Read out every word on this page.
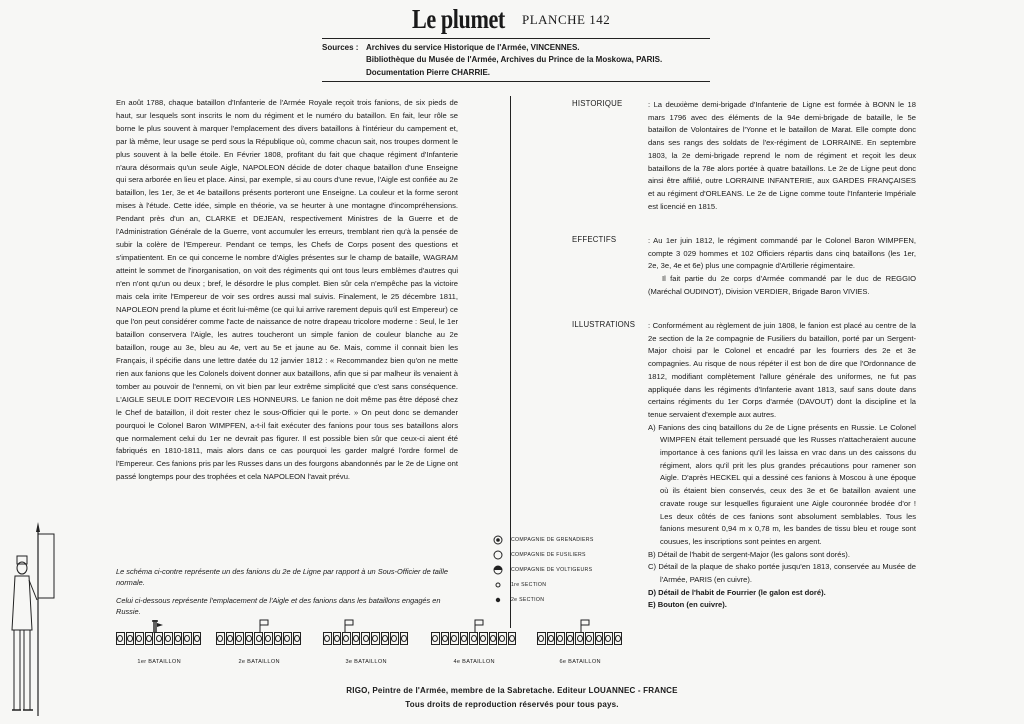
Le plumet PLANCHE 142
Sources : Archives du service Historique de l'Armée, VINCENNES.
Bibliothèque du Musée de l'Armée, Archives du Prince de la Moskowa, PARIS.
Documentation Pierre CHARRIE.

En août 1788, chaque bataillon d'Infanterie de l'Armée Royale reçoit trois fanions, de six pieds de haut, sur lesquels sont inscrits le nom du régiment et le numéro du bataillon. En fait, leur rôle se borne le plus souvent à marquer l'emplacement des divers bataillons à l'intérieur du campement et, par là même, leur usage se perd sous la République où, comme chacun sait, nos troupes dorment le plus souvent à la belle étoile. En Février 1808, profitant du fait que chaque régiment d'Infanterie n'aura désormais qu'un seule Aigle, NAPOLEON décide de doter chaque bataillon d'une Enseigne qui sera arborée en lieu et place. Ainsi, par exemple, si au cours d'une revue, l'Aigle est confiée au 2e bataillon, les 1er, 3e et 4e bataillons présents porteront une Enseigne. La couleur et la forme seront mises à l'étude. Cette idée, simple en théorie, va se heurter à une montagne d'incompréhensions. Pendant près d'un an, CLARKE et DEJEAN, respectivement Ministres de la Guerre et de l'Administration Générale de la Guerre, vont accumuler les erreurs, tremblant rien qu'à la pensée de subir la colère de l'Empereur. Pendant ce temps, les Chefs de Corps posent des questions et s'impatientent. En ce qui concerne le nombre d'Aigles présentes sur le champ de bataille, WAGRAM atteint le sommet de l'inorganisation, on voit des régiments qui ont tous leurs emblèmes d'autres qui n'en n'ont qu'un ou deux ; bref, le désordre le plus complet. Bien sûr cela n'empêche pas la victoire mais cela irrite l'Empereur de voir ses ordres aussi mal suivis. Finalement, le 25 décembre 1811, NAPOLEON prend la plume et écrit lui-même (ce qui lui arrive rarement depuis qu'il est Empereur) ce que l'on peut considérer comme l'acte de naissance de notre drapeau tricolore moderne : Seul, le 1er bataillon conservera l'Aigle, les autres toucheront un simple fanion de couleur blanche au 2e bataillon, rouge au 3e, bleu au 4e, vert au 5e et jaune au 6e. Mais, comme il connait bien les Français, il spécifie dans une lettre datée du 12 janvier 1812 : « Recommandez bien qu'on ne mette rien aux fanions que les Colonels doivent donner aux bataillons, afin que si par malheur ils venaient à tomber au pouvoir de l'ennemi, on vit bien par leur extrême simplicité que c'est sans conséquence. L'AIGLE SEULE DOIT RECEVOIR LES HONNEURS. Le fanion ne doit même pas être déposé chez le Chef de bataillon, il doit rester chez le sous-Officier qui le porte. » On peut donc se demander pourquoi le Colonel Baron WIMPFEN, a-t-il fait exécuter des fanions pour tous ses bataillons alors que normalement celui du 1er ne devrait pas figurer. Il est possible bien sûr que ceux-ci aient été fabriqués en 1810-1811, mais alors dans ce cas pourquoi les garder malgré l'ordre formel de l'Empereur. Ces fanions pris par les Russes dans un des fourgons abandonnés par le 2e de Ligne ont passé longtemps pour des trophées et cela NAPOLEON l'avait prévu.

Le schéma ci-contre représente un des fanions du 2e de Ligne par rapport à un Sous-Officier de taille normale.
Celui ci-dessous représente l'emplacement de l'Aigle et des fanions dans les bataillons engagés en Russie.
HISTORIQUE	: La deuxième demi-brigade d'Infanterie de Ligne est formée à BONN le 18 mars 1796 avec des éléments de la 94e demi-brigade de bataille, le 5e bataillon de Volontaires de l'Yonne et le bataillon de Marat. Elle compte donc dans ses rangs des soldats de l'ex-régiment de LORRAINE. En septembre 1803, la 2e demi-brigade reprend le nom de régiment et reçoit les deux bataillons de la 78e alors portée à quatre bataillons. Le 2e de Ligne peut donc ainsi être affilié, outre LORRAINE INFANTERIE, aux GARDES FRANÇAISES et au régiment d'ORLEANS. Le 2e de Ligne comme toute l'Infanterie Impériale est licencié en 1815.

EFFECTIFS	: Au 1er juin 1812, le régiment commandé par le Colonel Baron WIMPFEN, compte 3 029 hommes et 102 Officiers répartis dans cinq bataillons (les 1er, 2e, 3e, 4e et 6e) plus une compagnie d'Artillerie régimentaire.

Il fait partie du 2e corps d'Armée commandé par le duc de REGGIO (Maréchal OUDINOT), Division VERDIER, Brigade Baron VIVIES.

ILLUSTRATIONS : Conformément au règlement de juin 1808, le fanion est placé au centre de la 2e section de la 2e compagnie de Fusiliers du bataillon, porté par un Sergent-Major choisi par le Colonel et encadré par les fourriers des 2e et 3e compagnies. Au risque de nous répéter il est bon de dire que l'Ordonnance de 1812, modifiant complètement l'allure générale des uniformes, ne fut pas appliquée dans les régiments d'Infanterie avant 1813, sauf sans doute dans certains régiments du 1er Corps d'armée (DAVOUT) dont la discipline et la tenue servaient d'exemple aux autres.

A) Fanions des cinq bataillons du 2e de Ligne présents en Russie. Le Colonel WIMPFEN était tellement persuadé que les Russes n'attacheraient aucune importance à ces fanions qu'il les laissa en vrac dans un des caissons du régiment, alors qu'il prit les plus grandes précautions pour ramener son Aigle. D'après HECKEL qui a dessiné ces fanions à Moscou à une époque où ils étaient bien conservés, ceux des 3e et 6e bataillon avaient une cravate rouge sur lesquelles figuraient une Aigle couronnée brodée d'or ! Les deux côtés de ces fanions sont absolument semblables. Tous les fanions mesurent 0,94 m x 0,78 m, les bandes de tissu bleu et rouge sont cousues, les inscriptions sont peintes en argent.

B) Détail de l'habit de sergent-Major (les galons sont dorés).

C) Détail de la plaque de shako portée jusqu'en 1813, conservée au Musée de l'Armée, PARIS (en cuivre).

D) Détail de l'habit de Fourrier (le galon est doré).

E) Bouton (en cuivre).

COMPAGNIE DE GRENADIERS
COMPAGNIE DE FUSILIERS
COMPAGNIE DE VOLTIGEURS
1re SECTION
2e SECTION
1er BATAILLON	2e BATAILLON	3e BATAILLON	4e BATAILLON	6e BATAILLON
RIGO, Peintre de l'Armée, membre de la Sabretache. Editeur LOUANNEC - FRANCE
Tous droits de reproduction réservés pour tous pays.
